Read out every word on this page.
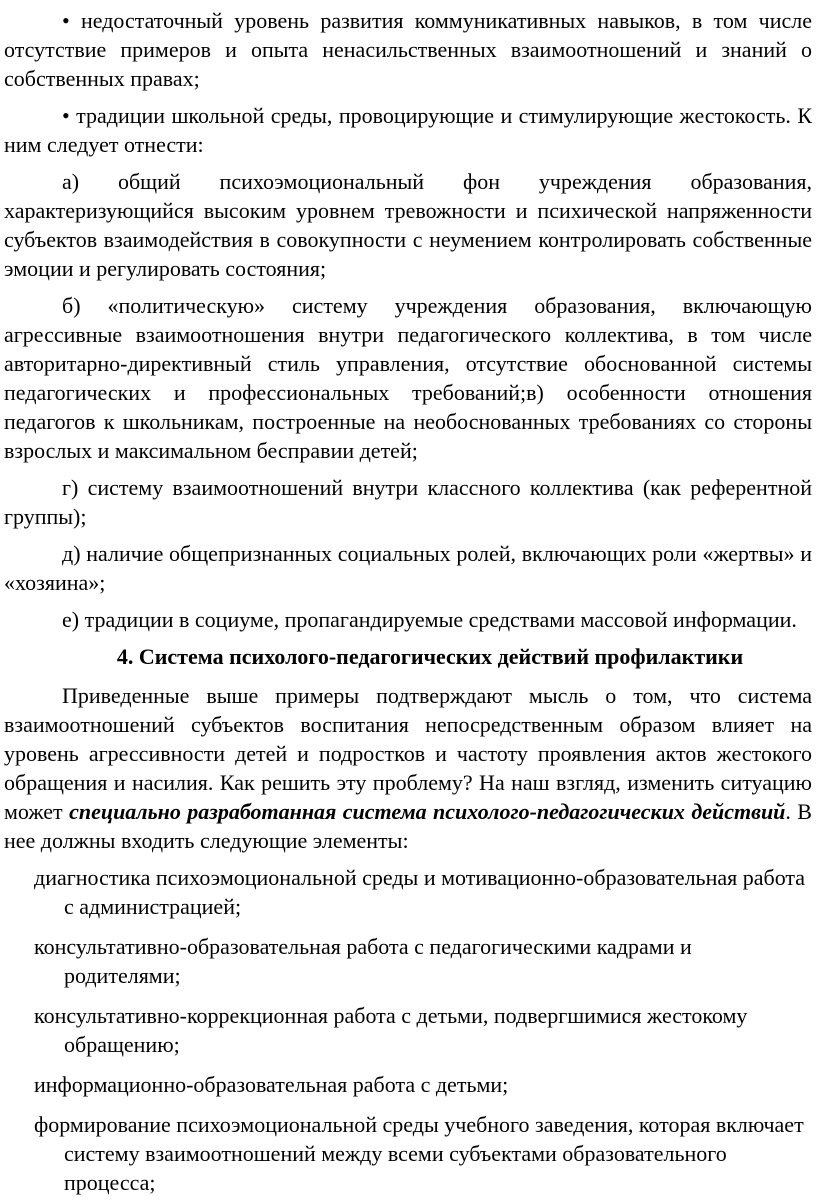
• недостаточный уровень развития коммуникативных навыков, в том числе отсутствие примеров и опыта ненасильственных взаимоотношений и знаний о собственных правах;

• традиции школьной среды, провоцирующие и стимулирующие жестокость. К ним следует отнести:

а) общий психоэмоциональный фон учреждения образования, характеризующийся высоким уровнем тревожности и психической напряженности субъектов взаимодействия в совокупности с неумением контролировать собственные эмоции и регулировать состояния;

б) «политическую» систему учреждения образования, включающую агрессивные взаимоотношения внутри педагогического коллектива, в том числе авторитарно-директивный стиль управления, отсутствие обоснованной системы педагогических и профессиональных требований;в) особенности отношения педагогов к школьникам, построенные на необоснованных требованиях со стороны взрослых и максимальном бесправии детей;

г) систему взаимоотношений внутри классного коллектива (как референтной группы);

д) наличие общепризнанных социальных ролей, включающих роли «жертвы» и «хозяина»;

е) традиции в социуме, пропагандируемые средствами массовой информации.

4. Система психолого-педагогических действий профилактики

Приведенные выше примеры подтверждают мысль о том, что система взаимоотношений субъектов воспитания непосредственным образом влияет на уровень агрессивности детей и подростков и частоту проявления актов жестокого обращения и насилия. Как решить эту проблему? На наш взгляд, изменить ситуацию может специально разработанная система психолого-педагогических действий. В нее должны входить следующие элементы:

диагностика психоэмоциональной среды и мотивационно-образовательная работа с администрацией;
консультативно-образовательная работа с педагогическими кадрами и родителями;
консультативно-коррекционная работа с детьми, подвергшимися жестокому обращению;
информационно-образовательная работа с детьми;
формирование психоэмоциональной среды учебного заведения, которая включает систему взаимоотношений между всеми субъектами образовательного процесса;
